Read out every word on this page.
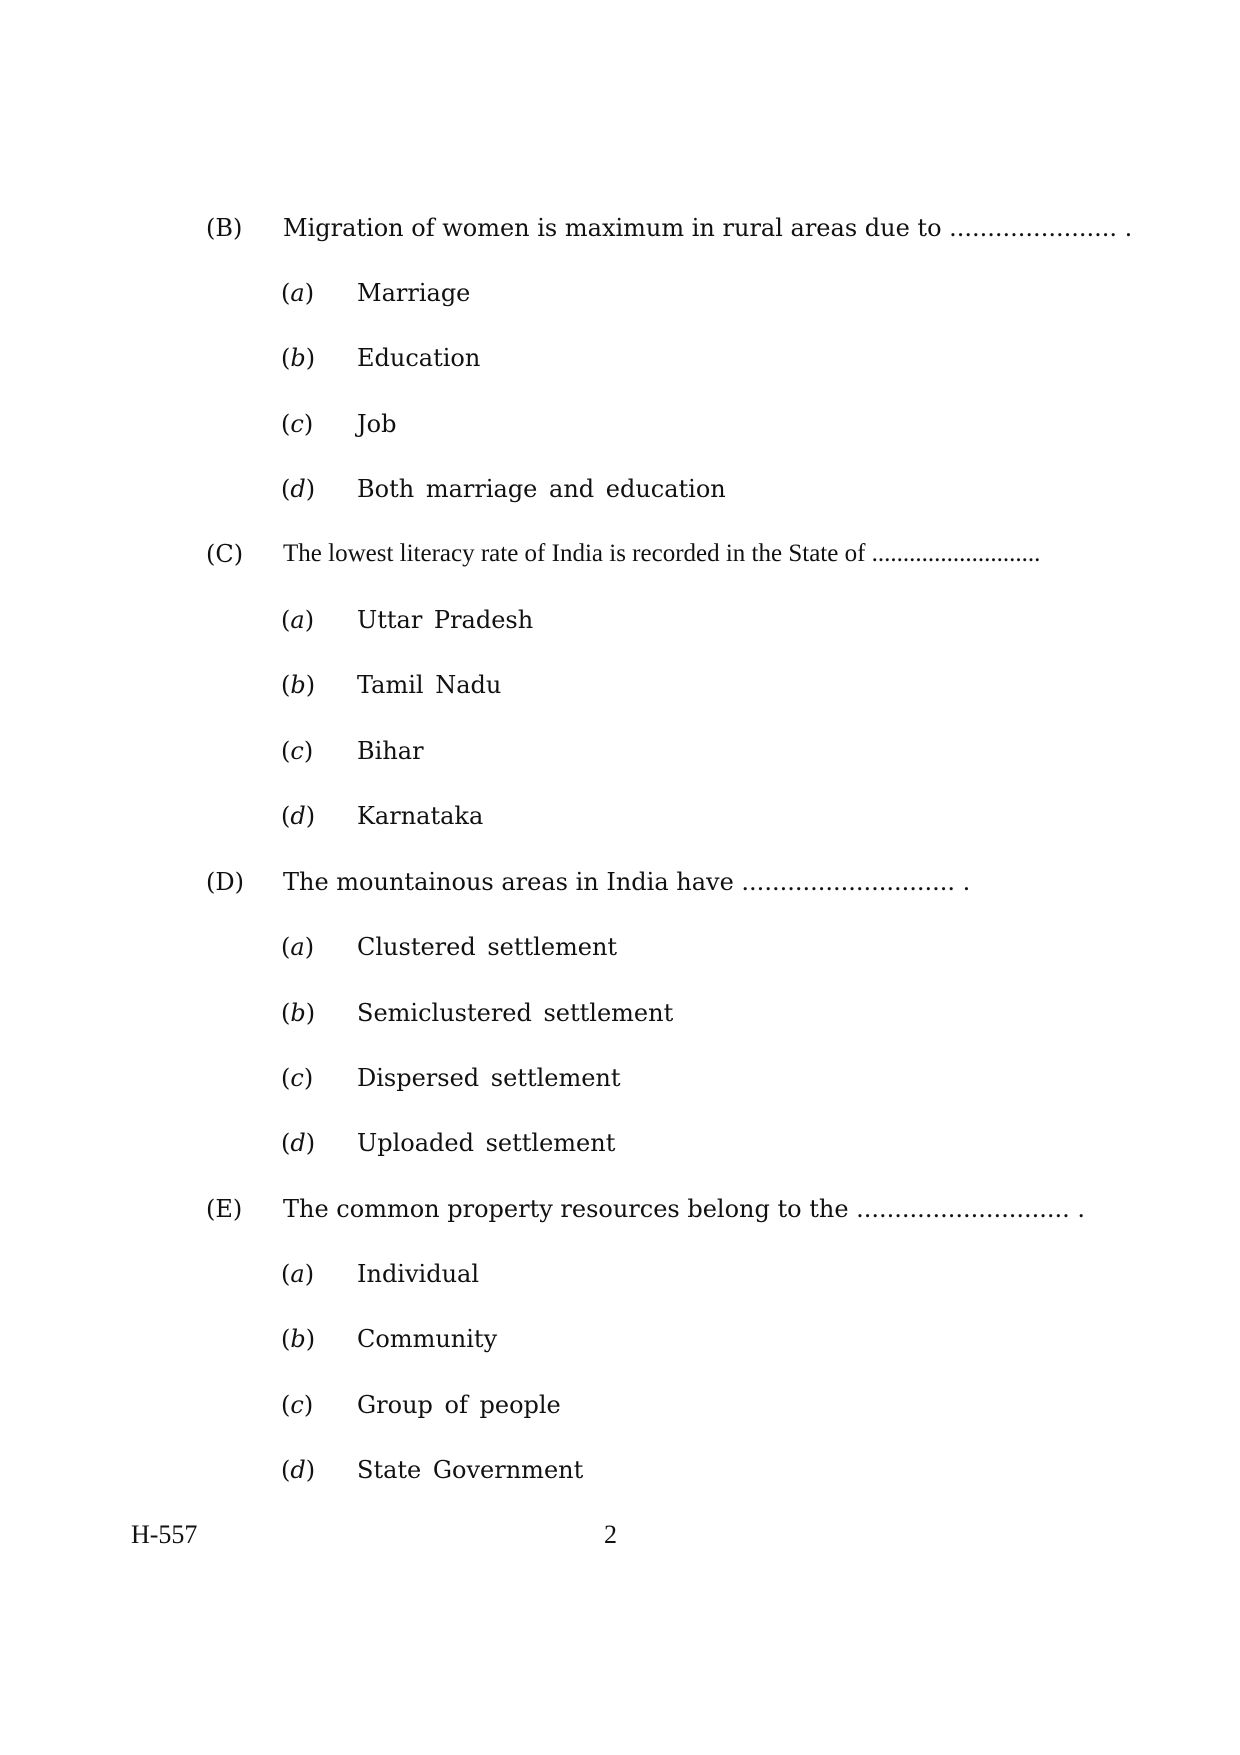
(B) Migration of women is maximum in rural areas due to ...................... .
(a) Marriage
(b) Education
(c) Job
(d) Both marriage and education
(C) The lowest literacy rate of India is recorded in the State of ...........................
(a) Uttar Pradesh
(b) Tamil Nadu
(c) Bihar
(d) Karnataka
(D) The mountainous areas in India have ............................ .
(a) Clustered settlement
(b) Semiclustered settlement
(c) Dispersed settlement
(d) Uploaded settlement
(E) The common property resources belong to the ............................ .
(a) Individual
(b) Community
(c) Group of people
(d) State Government
H-557	2
